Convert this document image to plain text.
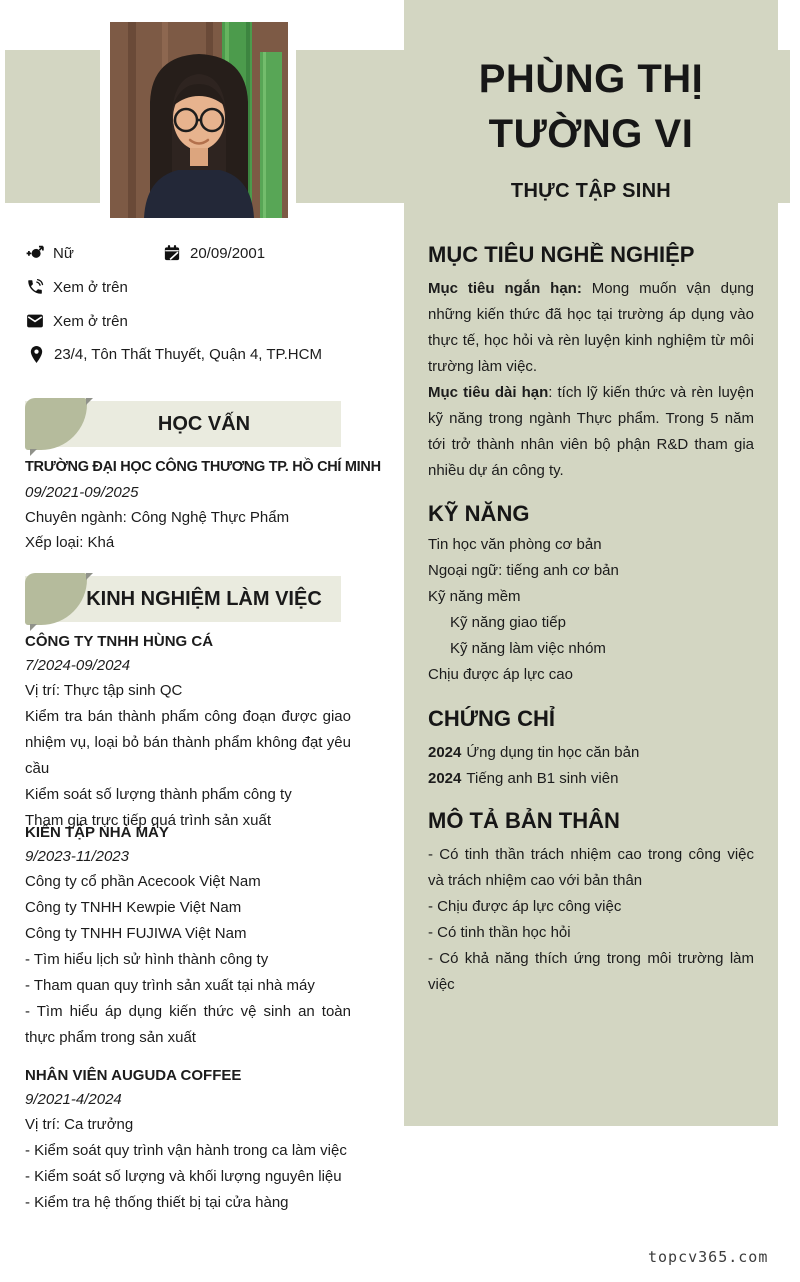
PHÙNG THỊ
TƯỜNG VI
THỰC TẬP SINH
Nữ	20/09/2001
Xem ở trên
Xem ở trên
23/4, Tôn Thất Thuyết, Quận 4, TP.HCM
HỌC VẤN
TRƯỜNG ĐẠI HỌC CÔNG THƯƠNG TP. HỒ CHÍ MINH
09/2021-09/2025
Chuyên ngành: Công Nghệ Thực Phẩm
Xếp loại: Khá
KINH NGHIỆM LÀM VIỆC
CÔNG TY TNHH HÙNG CÁ
7/2024-09/2024
Vị trí: Thực tập sinh QC
Kiểm tra bán thành phẩm công đoạn được giao nhiệm vụ, loại bỏ bán thành phẩm không đạt yêu cầu
Kiểm soát số lượng thành phẩm công ty
Tham gia trực tiếp quá trình sản xuất
KIẾN TẬP NHÀ MÁY
9/2023-11/2023
Công ty cổ phần Acecook Việt Nam
Công ty TNHH Kewpie Việt Nam
Công ty TNHH FUJIWA Việt Nam
- Tìm hiểu lịch sử hình thành công ty
- Tham quan quy trình sản xuất tại nhà máy
- Tìm hiểu áp dụng kiến thức vệ sinh an toàn thực phẩm trong sản xuất
NHÂN VIÊN AUGUDA COFFEE
9/2021-4/2024
Vị trí: Ca trưởng
- Kiểm soát quy trình vận hành trong ca làm việc
- Kiểm soát số lượng và khối lượng nguyên liệu
- Kiểm tra hệ thống thiết bị tại cửa hàng
MỤC TIÊU NGHỀ NGHIỆP

Mục tiêu ngắn hạn: Mong muốn vận dụng những kiến thức đã học tại trường áp dụng vào thực tế, học hỏi và rèn luyện kinh nghiệm từ môi trường làm việc.

Mục tiêu dài hạn: tích lỹ kiến thức và rèn luyện kỹ năng trong ngành Thực phẩm. Trong 5 năm tới trở thành nhân viên bộ phận R&D tham gia nhiều dự án công ty.

KỸ NĂNG
Tin học văn phòng cơ bản
Ngoại ngữ: tiếng anh cơ bản
Kỹ năng mềm
Kỹ năng giao tiếp
Kỹ năng làm việc nhóm
Chịu được áp lực cao
CHỨNG CHỈ
2024 Ứng dụng tin học căn bản
2024 Tiếng anh B1 sinh viên
MÔ TẢ BẢN THÂN
- Có tinh thần trách nhiệm cao trong công việc và trách nhiệm cao với bản thân
- Chịu được áp lực công việc
- Có tinh thần học hỏi
- Có khả năng thích ứng trong môi trường làm việc
topcv365.com
